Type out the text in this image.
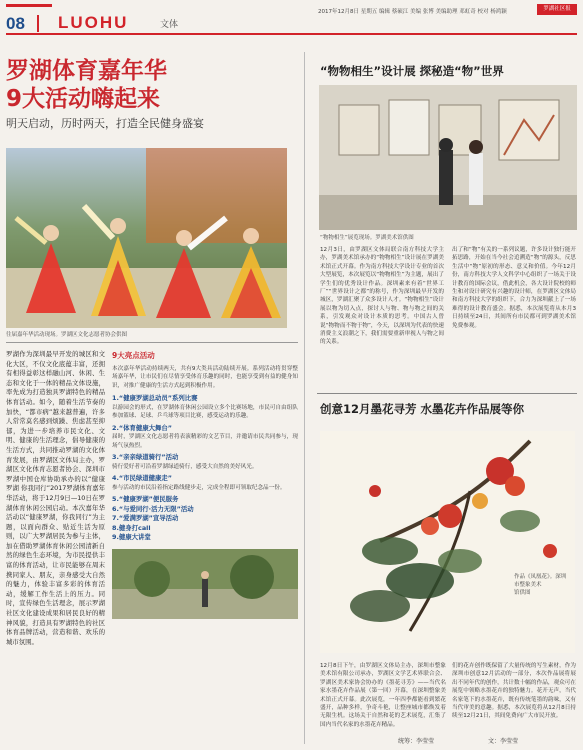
08 LUOHU	文体
2017年12月8日 星期五 编辑 蔡硕江 美编 张博 美编助理 邓虹奇 校对 杨鸿颖	罗湖社区报
罗湖体育嘉年华
9大活动嗨起来
明天启动，历时两天，打造全民健身盛宴
往届嘉年华活动现场。罗湖区文化志愿者协会供图
罗湖作为深圳最早开发的城区和文化大区，不仅文化底蕴丰富，还拥有相得益彰这样融山河、休闲、生态和文化于一体的精品文体设施，率先成为打造独具罗湖特色的精品体育活动。如今，随着生活节奏的加快，“都市病”越来越普遍，许多人常常莫名感到烦躁、焦虑甚至抑郁，为进一步培养市民文化、文明、健康的生活理念，倡导健康的生活方式，共同推动罗湖的文化体育发展，由罗湖区文体局主办，罗湖区文化体育志愿者协会、深圳市罗湖中国仓库协助承办的以“健康罗湖 你我同行”2017罗湖体育嘉年华活动，将于12月9日—10日在罗湖体育休闲公园启动。本次嘉年华活动以“健康罗湖，你我同行”为主题，以面向群众、贴近生活为原则，以广大罗湖居民为参与主体，加在借助罗湖体育休闲公园清新自然的绿色生态环境，为市民提供丰富的体育活动，让市民能够在周末携同家人、朋友，亲身感受大自然的魅力，体验丰富多彩的体育活动，缓解工作生活上的压力。同时，宣传绿色生活理念，展示罗湖社区文化建设成果和居民良好的精神风貌，打造具有罗湖特色的社区体育品牌活动，营造和谐、欢乐的城市氛围。
9大亮点活动
本次嘉年华活动持续两天，共有9大类具活动陆续开展。系列活动将贯穿整场嘉年华，让市民们在尽情享受体育乐趣的同时，也能享受到有益的健身知识，对推广健康的生活方式起到积极作用。
1.“健康罗湖总动员”系列比赛
以游园会的形式，在罗湖体育休闲公园设立多个比赛场地，市民可自由组队参加篮球、足球、乒乓球等项目比赛，感受运动的乐趣。
2.“体育健康大舞台”
届时，罗湖区文化志愿者将表演精彩的文艺节目，并邀请市民共同参与，现场气氛热烈。
3.“亲亲绿道骑行”活动
骑行爱好者可沿着罗湖绿道骑行，感受大自然的美好风光。
4.“市民绿道健康走”
参与活动的市民沿着指定路线健步走，完成全程即可领取纪念品一份。
5.“健康罗湖”便民服务
6.“与爱同行·活力无限”活动
7.“爱满罗湖”宣导活动
8.健身打call
9.健康大讲堂
“物物相生”设计展 探秘造“物”世界
“物物相生”展览现场。罗湖美术馆供图
12月3日，由罗湖区文体局联合南方科技大学主办，罗湖美术馆承办的“物物相生”设计展在罗湖美术馆正式开幕。作为南方科技大学设计专业的首次大型展览，本次展览以“物物相生”为主题，展出了学生们的优秀设计作品。深圳素来有着“世界工厂”“世界设计之都”的称号，作为深圳最早开发的城区，罗湖汇聚了众多设计人才。“物物相生”设计展以物为切入点，探讨人与物、物与物之间的关系，引发观众对设计本质的思考。中国古人曾说“物物而不物于物”，今天，以深圳为代表的快速消费主义浪潮之下，我们需要重新审视人与物之间的关系。
出了和“物”有关的一系列议题，许多设计独行能开拓思路，开始在当今社会追溯造“物”的源头，反思生活中“物”原初的形态、意义和价值。今年12月份，南方科技大学人文科学中心组织了一场关于设计教育的国际会议，借此机会，各大设计院校的师生和对设计研究有兴趣的设计师，在罗湖区文体局和南方科技大学的组织下，合力为深圳献上了一场难得的设计教育盛会。据悉，本次展览将从本月3日持续至24日，其间所有市民都可到罗湖美术馆免费参观。
创意12月墨花寻芳 水墨花卉作品展等你
作品《凤凰花》。深圳
市整象美术
馆供图
12月8日下午，由罗湖区文体局主办，深圳市整象美术馆有限公司承办，罗湖区文学艺术界联合会、罗湖区美术家协会协办的《墨花寻芳》——当代名家水墨花卉作品展（第一回）开幕，在深圳整象美术馆正式开幕。此次展览，一年四季都能看到繁花盛开，品种多样，争奇斗艳，让整座城市都焕发着无限生机。这场关于自然和花的艺术展览，汇集了国内当代名家的水墨花卉精品。
们的花卉创作既保留了大量传统的写生素材，作为深圳市创意12月活动的一部分，本次作品展将展出不同年代的创作，共计数十幅的作品，观众可在展览中领略水墨花卉的独特魅力。花开无声，当代名家笔下的水墨花卉，既有传统笔墨的韵味，又有当代审美的意趣。据悉，本次展览将从12月8日持续至12月21日，其间免费向广大市民开放。
统筹：李莹莹	文：李莹莹
